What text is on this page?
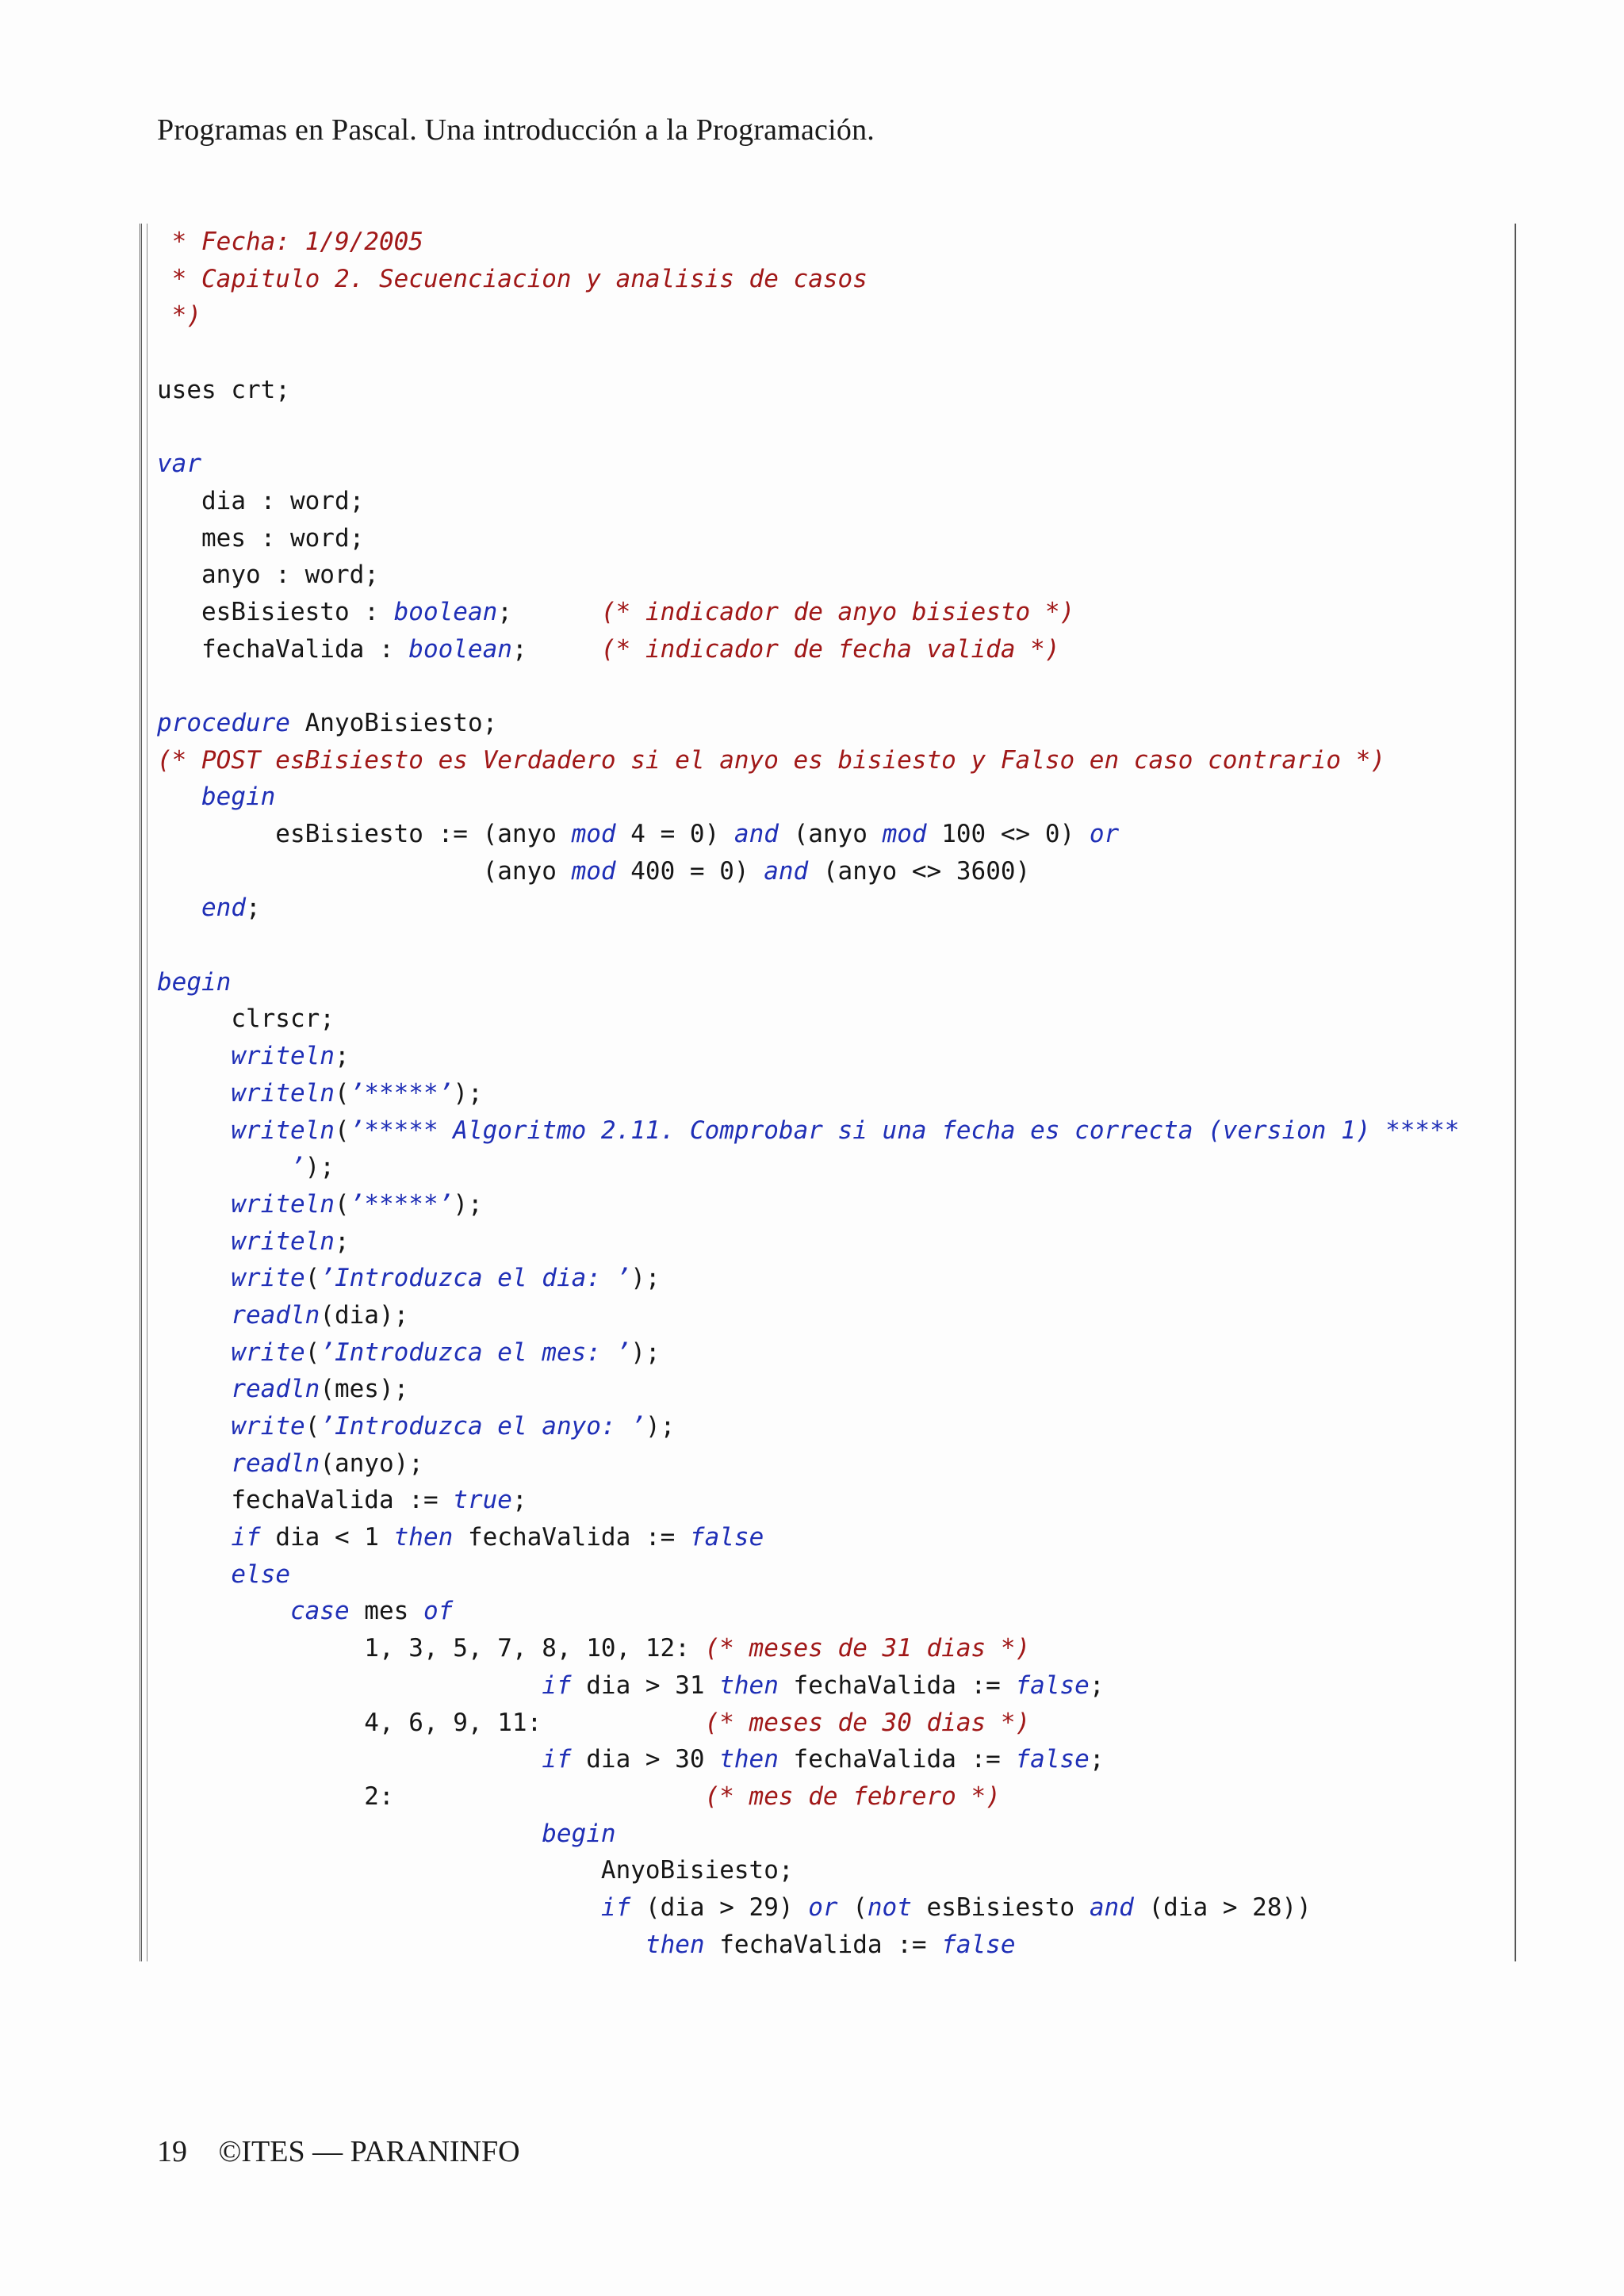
Programas en Pascal. Una introducción a la Programación.
* Fecha: 1/9/2005
* Capitulo 2. Secuenciacion y analisis de casos
*)
uses crt;
var
dia : word;
mes : word;
anyo : word;
esBisiesto : boolean;      (* indicador de anyo bisiesto *)
fechaValida : boolean;     (* indicador de fecha valida *)
procedure AnyoBisiesto;
(* POST esBisiesto es Verdadero si el anyo es bisiesto y Falso en caso contrario *)
begin
esBisiesto := (anyo mod 4 = 0) and (anyo mod 100 <> 0) or
(anyo mod 400 = 0) and (anyo <> 3600)
end;
begin
clrscr;
writeln;
writeln(’*****’);
writeln(’***** Algoritmo 2.11. Comprobar si una fecha es correcta (version 1) *****
’);
writeln(’*****’);
writeln;
write(’Introduzca el dia: ’);
readln(dia);
write(’Introduzca el mes: ’);
readln(mes);
write(’Introduzca el anyo: ’);
readln(anyo);
fechaValida := true;
if dia < 1 then fechaValida := false
else
case mes of
1, 3, 5, 7, 8, 10, 12: (* meses de 31 dias *)
if dia > 31 then fechaValida := false;
4, 6, 9, 11:           (* meses de 30 dias *)
if dia > 30 then fechaValida := false;
2:                     (* mes de febrero *)
begin
AnyoBisiesto;
if (dia > 29) or (not esBisiesto and (dia > 28))
then fechaValida := false
19 ©ITES — PARANINFO
